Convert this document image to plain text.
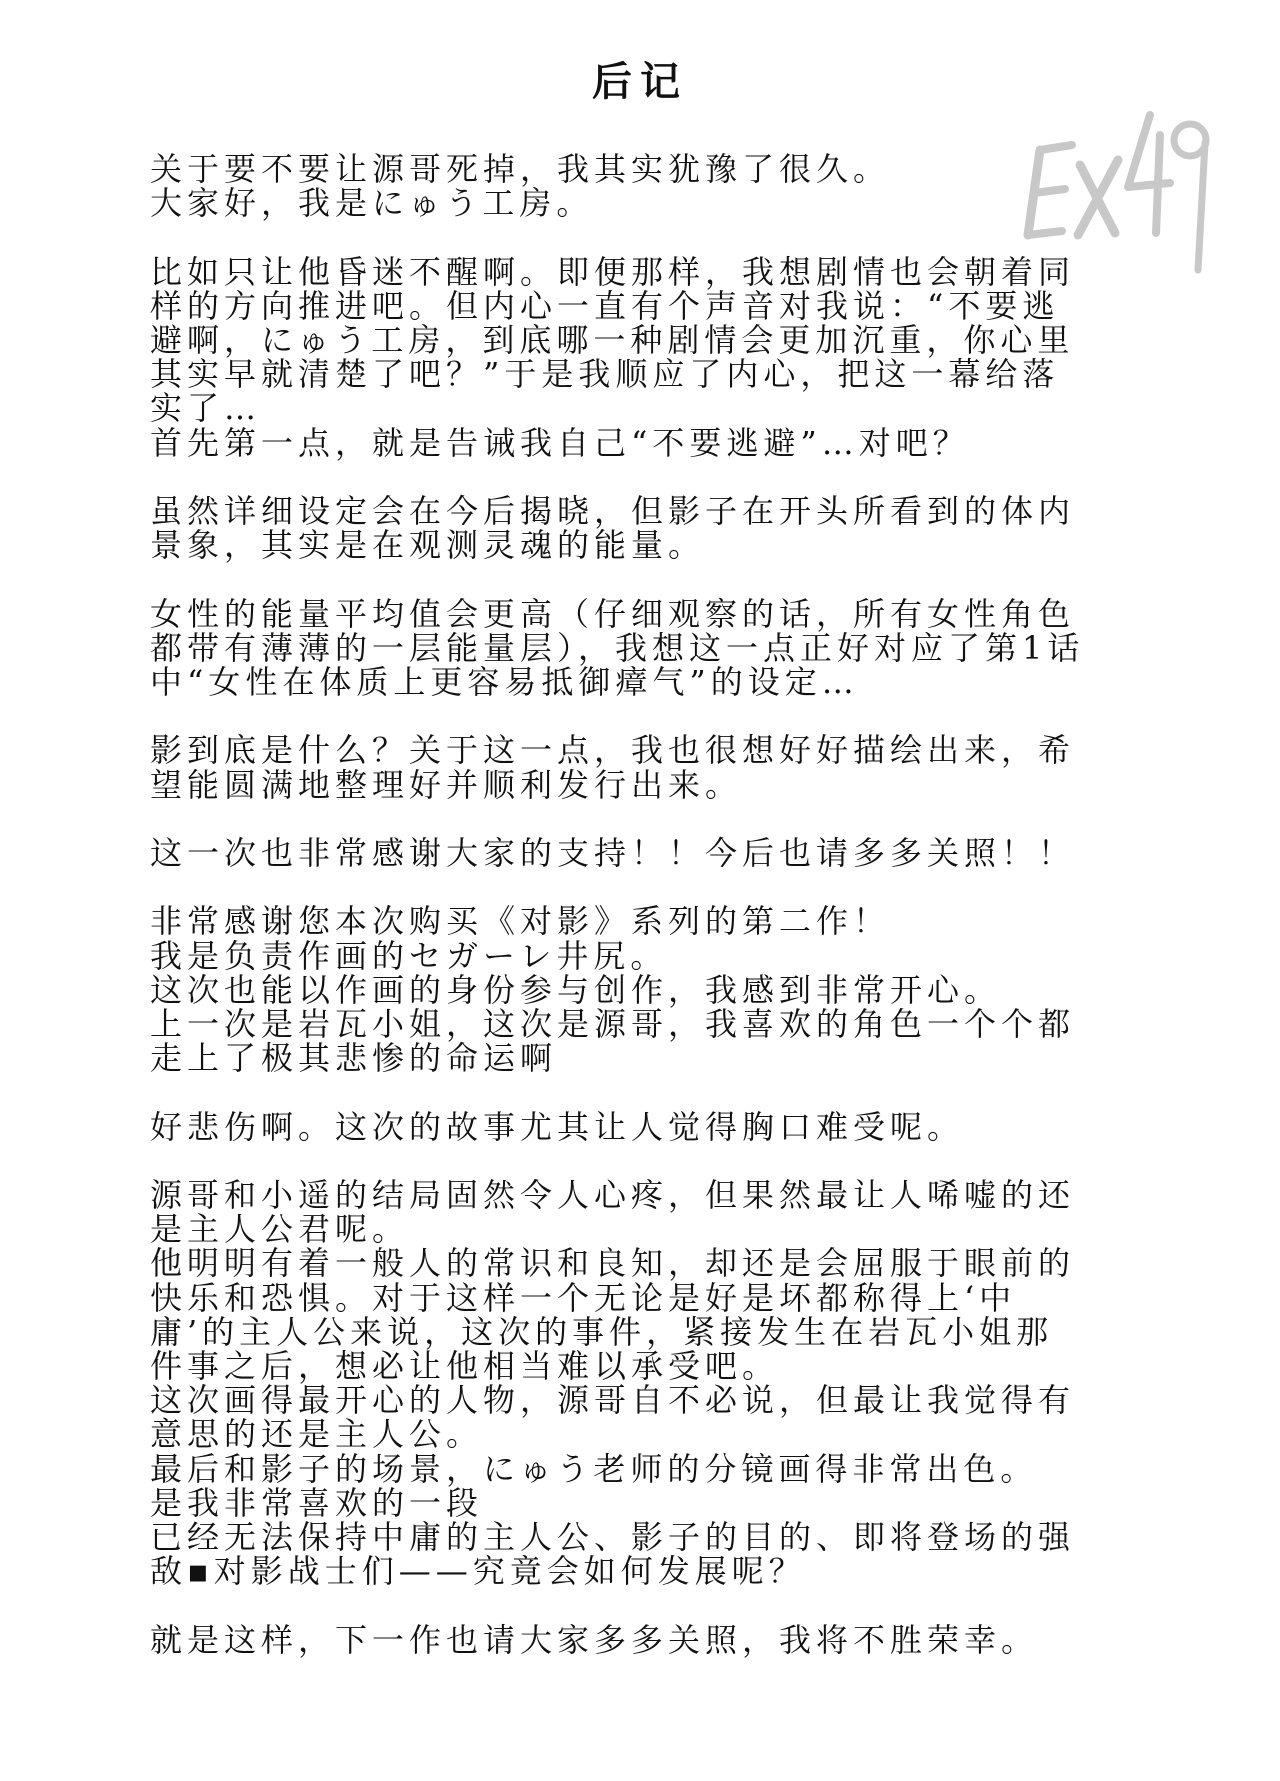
后记
关于要不要让源哥死掉，我其实犹豫了很久。
大家好，我是にゅう工房。
比如只让他昏迷不醒啊。即便那样，我想剧情也会朝着同
样的方向推进吧。但内心一直有个声音对我说：“不要逃
避啊，にゅう工房，到底哪一种剧情会更加沉重，你心里
其实早就清楚了吧？”于是我顺应了内心，把这一幕给落
实了…
首先第一点，就是告诫我自己“不要逃避”…对吧？
虽然详细设定会在今后揭晓，但影子在开头所看到的体内
景象，其实是在观测灵魂的能量。
女性的能量平均值会更高（仔细观察的话，所有女性角色
都带有薄薄的一层能量层），我想这一点正好对应了第1话
中“女性在体质上更容易抵御瘴气”的设定…
影到底是什么？关于这一点，我也很想好好描绘出来，希
望能圆满地整理好并顺利发行出来。
这一次也非常感谢大家的支持！！今后也请多多关照！！
非常感谢您本次购买《对影》系列的第二作！
我是负责作画的セガーレ井尻。
这次也能以作画的身份参与创作，我感到非常开心。
上一次是岩瓦小姐，这次是源哥，我喜欢的角色一个个都
走上了极其悲惨的命运啊
好悲伤啊。这次的故事尤其让人觉得胸口难受呢。
源哥和小遥的结局固然令人心疼，但果然最让人唏嘘的还
是主人公君呢。
他明明有着一般人的常识和良知，却还是会屈服于眼前的
快乐和恐惧。对于这样一个无论是好是坏都称得上‘中
庸’的主人公来说，这次的事件，紧接发生在岩瓦小姐那
件事之后，想必让他相当难以承受吧。
这次画得最开心的人物，源哥自不必说，但最让我觉得有
意思的还是主人公。
最后和影子的场景，にゅう老师的分镜画得非常出色。
是我非常喜欢的一段
已经无法保持中庸的主人公、影子的目的、即将登场的强
敌▪对影战士们——究竟会如何发展呢？
就是这样，下一作也请大家多多关照，我将不胜荣幸。
